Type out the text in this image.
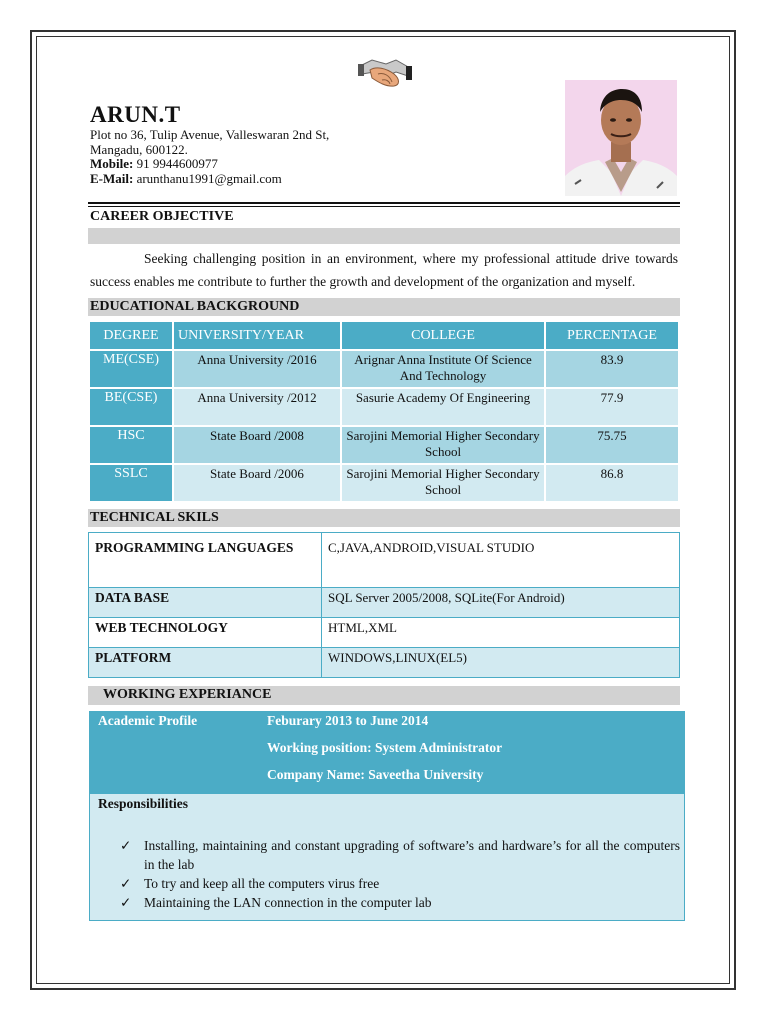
ARUN.T
Plot no 36, Tulip Avenue, Valleswaran 2nd St,
Mangadu, 600122.
Mobile: 91 9944600977
E-Mail: arunthanu1991@gmail.com
CAREER OBJECTIVE
Seeking challenging position in an environment, where my professional attitude drive towards success enables me contribute to further the growth and development of the organization and myself.
EDUCATIONAL BACKGROUND
DEGREE	UNIVERSITY/YEAR	COLLEGE	PERCENTAGE
ME(CSE)	Anna University /2016	Arignar Anna Institute Of Science And Technology	83.9
BE(CSE)	Anna University /2012	Sasurie Academy Of Engineering	77.9
HSC	State Board /2008	Sarojini Memorial Higher Secondary School	75.75
SSLC	State Board /2006	Sarojini Memorial Higher Secondary School	86.8
TECHNICAL SKILS
PROGRAMMING LANGUAGES	C,JAVA,ANDROID,VISUAL STUDIO
DATA BASE	SQL Server 2005/2008, SQLite(For Android)
WEB TECHNOLOGY	HTML,XML
PLATFORM	WINDOWS,LINUX(EL5)
WORKING EXPERIANCE
Academic Profile	Feburary 2013 to June 2014
Working position: System Administrator
Company Name: Saveetha University
Responsibilities
✓ Installing, maintaining and constant upgrading of software’s and hardware’s for all the computers in the lab
✓ To try and keep all the computers virus free
✓ Maintaining the LAN connection in the computer lab
